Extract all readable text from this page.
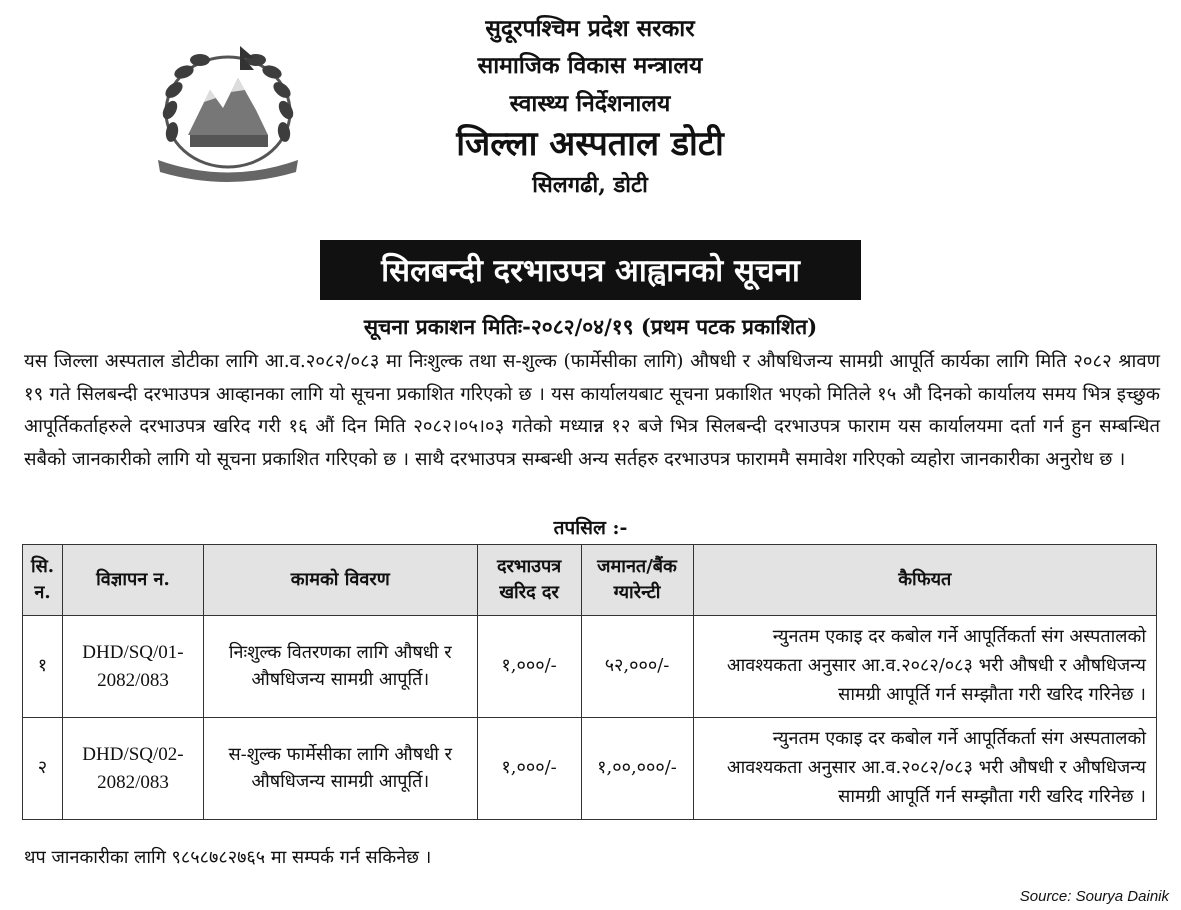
सुदूरपश्चिम प्रदेश सरकार
सामाजिक विकास मन्त्रालय
स्वास्थ्य निर्देशनालय
जिल्ला अस्पताल डोटी
सिलगढी, डोटी
सिलबन्दी दरभाउपत्र आह्वानको सूचना
सूचना प्रकाशन मितिः-२०८२/०४/१९ (प्रथम पटक प्रकाशित)
यस जिल्ला अस्पताल डोटीका लागि आ.व.२०८२/०८३ मा निःशुल्क तथा स-शुल्क (फार्मेसीका लागि) औषधी र औषधिजन्य सामग्री आपूर्ति कार्यका लागि मिति २०८२ श्रावण १९ गते सिलबन्दी दरभाउपत्र आव्हानका लागि यो सूचना प्रकाशित गरिएको छ । यस कार्यालयबाट सूचना प्रकाशित भएको मितिले १५ औ दिनको कार्यालय समय भित्र इच्छुक आपूर्तिकर्ताहरुले दरभाउपत्र खरिद गरी १६ औं दिन मिति २०८२।०५।०३ गतेको मध्यान्न १२ बजे भित्र सिलबन्दी दरभाउपत्र फाराम यस कार्यालयमा दर्ता गर्न हुन सम्बन्धित सबैको जानकारीको लागि यो सूचना प्रकाशित गरिएको छ । साथै दरभाउपत्र सम्बन्धी अन्य सर्तहरु दरभाउपत्र फाराममै समावेश गरिएको व्यहोरा जानकारीका अनुरोध छ ।
तपसिल :-
सि. न.	विज्ञापन न.	कामको विवरण	दरभाउपत्र खरिद दर	जमानत/बैंक ग्यारेन्टी	कैफियत
१	DHD/SQ/01-2082/083	निःशुल्क वितरणका लागि औषधी र औषधिजन्य सामग्री आपूर्ति।	१,०००/-	५२,०००/-	न्युनतम एकाइ दर कबोल गर्ने आपूर्तिकर्ता संग अस्पतालको आवश्यकता अनुसार आ.व.२०८२/०८३ भरी औषधी र औषधिजन्य सामग्री आपूर्ति गर्न सम्झौता गरी खरिद गरिनेछ ।
२	DHD/SQ/02-2082/083	स-शुल्क फार्मेसीका लागि औषधी र औषधिजन्य सामग्री आपूर्ति।	१,०००/-	१,००,०००/-	न्युनतम एकाइ दर कबोल गर्ने आपूर्तिकर्ता संग अस्पतालको आवश्यकता अनुसार आ.व.२०८२/०८३ भरी औषधी र औषधिजन्य सामग्री आपूर्ति गर्न सम्झौता गरी खरिद गरिनेछ ।
थप जानकारीका लागि ९८५८७८२७६५ मा सम्पर्क गर्न सकिनेछ ।
Source: Sourya Dainik
